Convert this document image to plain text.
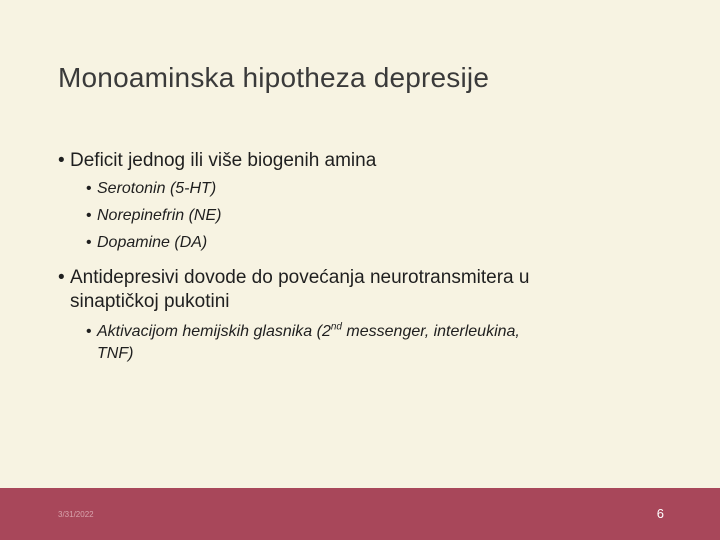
Monoaminska hipotheza depresije
• Deficit jednog ili više biogenih amina
• Serotonin (5-HT)
• Norepinefrin (NE)
• Dopamine (DA)
• Antidepresivi dovode do povećanja neurotransmitera u
sinaptičkoj pukotini
• Aktivacijom hemijskih glasnika (2nd messenger, interleukina,
TNF)
3/31/2022	6
